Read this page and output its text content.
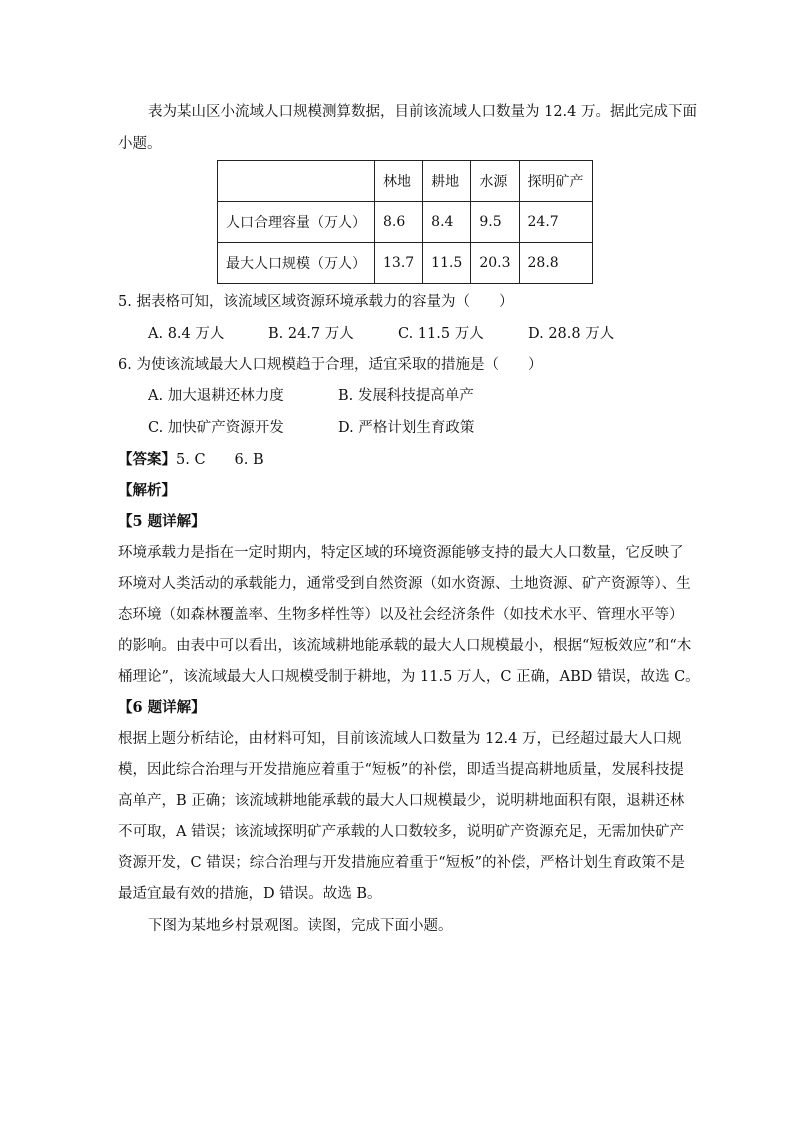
表为某山区小流域人口规模测算数据，目前该流域人口数量为 12.4 万。据此完成下面
小题。
	林地	耕地	水源	探明矿产
人口合理容量（万人）	8.6	8.4	9.5	24.7
最大人口规模（万人）	13.7	11.5	20.3	28.8
5. 据表格可知，该流域区域资源环境承载力的容量为（　　）
A. 8.4 万人	B. 24.7 万人	C. 11.5 万人	D. 28.8 万人
6. 为使该流域最大人口规模趋于合理，适宜采取的措施是（　　）
A. 加大退耕还林力度	B. 发展科技提高单产
C. 加快矿产资源开发	D. 严格计划生育政策
【答案】5. C　　6. B
【解析】
【5 题详解】
环境承载力是指在一定时期内，特定区域的环境资源能够支持的最大人口数量，它反映了
环境对人类活动的承载能力，通常受到自然资源（如水资源、土地资源、矿产资源等）、生
态环境（如森林覆盖率、生物多样性等）以及社会经济条件（如技术水平、管理水平等）
的影响。由表中可以看出，该流域耕地能承载的最大人口规模最小，根据“短板效应”和“木
桶理论”，该流域最大人口规模受制于耕地，为 11.5 万人，C 正确，ABD 错误，故选 C。
【6 题详解】
根据上题分析结论，由材料可知，目前该流域人口数量为 12.4 万，已经超过最大人口规
模，因此综合治理与开发措施应着重于“短板”的补偿，即适当提高耕地质量，发展科技提
高单产，B 正确；该流域耕地能承载的最大人口规模最少，说明耕地面积有限，退耕还林
不可取，A 错误；该流域探明矿产承载的人口数较多，说明矿产资源充足，无需加快矿产
资源开发，C 错误；综合治理与开发措施应着重于“短板”的补偿，严格计划生育政策不是
最适宜最有效的措施，D 错误。故选 B。
下图为某地乡村景观图。读图，完成下面小题。
